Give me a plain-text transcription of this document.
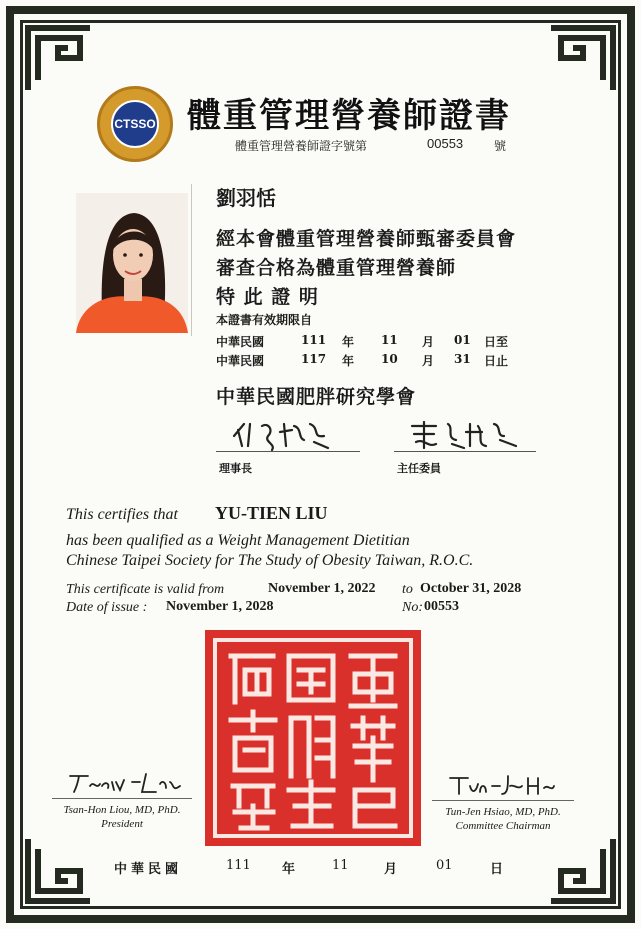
CTSSO 體重管理營養師證書
體重管理營養師證字號第	00553	號
劉羽恬
經本會體重管理營養師甄審委員會
審查合格為體重管理營養師
特 此 證 明
本證書有效期限自
中華民國	111 年 11 月 01 日至
中華民國	117 年 10 月 31 日止
中華民國肥胖研究學會
理事長	主任委員
This certifies that YU-TIEN LIU
has been qualified as a Weight Management Dietitian
Chinese Taipei Society for The Study of Obesity Taiwan, R.O.C.
This certificate is valid from	November 1, 2022 to October 31, 2028
Date of issue : November 1, 2028	No: 00553
Tsan-Hon Liou, MD, PhD.
President
Tun-Jen Hsiao, MD, PhD.
Committee Chairman
中華民國	111 年	11	月	01	日
